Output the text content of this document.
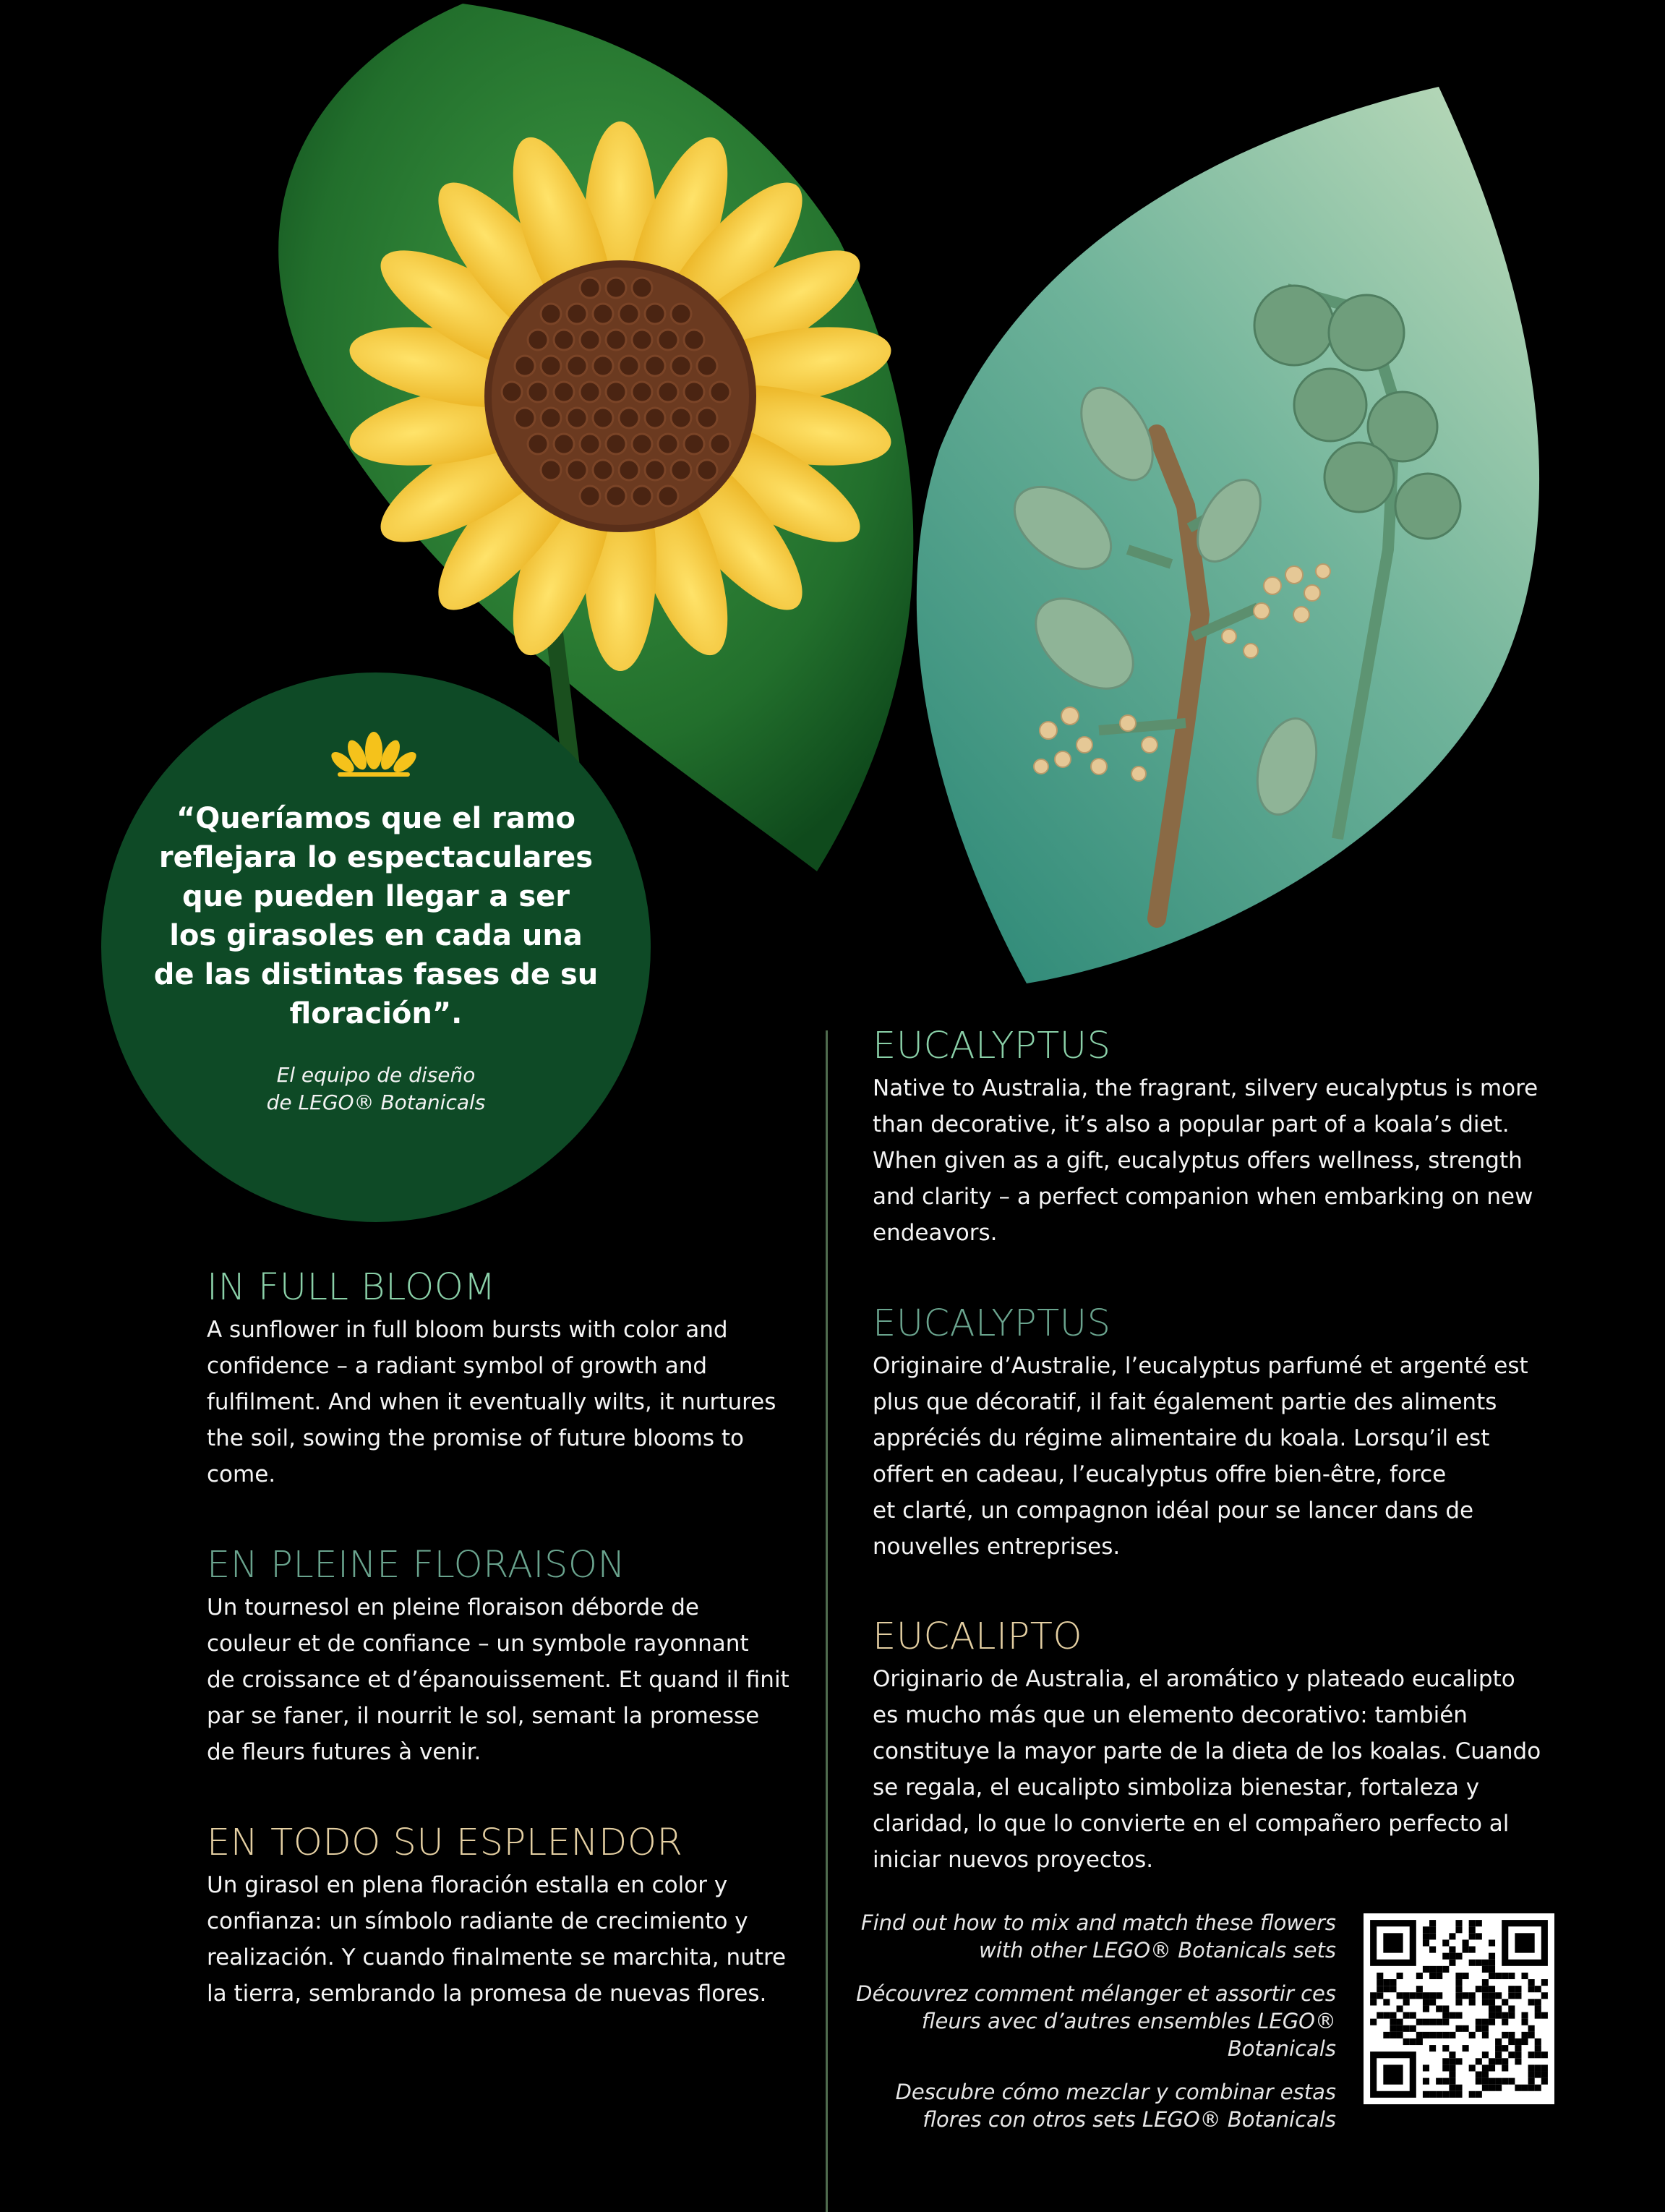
“Queríamos que el ramo
reflejara lo espectaculares
que pueden llegar a ser
los girasoles en cada una
de las distintas fases de su
floración”.
El equipo de diseño
de LEGO® Botanicals
IN FULL BLOOM
A sunflower in full bloom bursts with color and
confidence – a radiant symbol of growth and
fulfilment. And when it eventually wilts, it nurtures
the soil, sowing the promise of future blooms to
come.
EN PLEINE FLORAISON
Un tournesol en pleine floraison déborde de
couleur et de confiance – un symbole rayonnant
de croissance et d’épanouissement. Et quand il finit
par se faner, il nourrit le sol, semant la promesse
de fleurs futures à venir.
EN TODO SU ESPLENDOR
Un girasol en plena floración estalla en color y
confianza: un símbolo radiante de crecimiento y
realización. Y cuando finalmente se marchita, nutre
la tierra, sembrando la promesa de nuevas flores.
EUCALYPTUS
Native to Australia, the fragrant, silvery eucalyptus is more
than decorative, it’s also a popular part of a koala’s diet.
When given as a gift, eucalyptus offers wellness, strength
and clarity – a perfect companion when embarking on new
endeavors.
EUCALYPTUS
Originaire d’Australie, l’eucalyptus parfumé et argenté est
plus que décoratif, il fait également partie des aliments
appréciés du régime alimentaire du koala. Lorsqu’il est
offert en cadeau, l’eucalyptus offre bien-être, force
et clarté, un compagnon idéal pour se lancer dans de
nouvelles entreprises.
EUCALIPTO
Originario de Australia, el aromático y plateado eucalipto
es mucho más que un elemento decorativo: también
constituye la mayor parte de la dieta de los koalas. Cuando
se regala, el eucalipto simboliza bienestar, fortaleza y
claridad, lo que lo convierte en el compañero perfecto al
iniciar nuevos proyectos.

Find out how to mix and match these flowers
with other LEGO® Botanicals sets

Découvrez comment mélanger et assortir ces
fleurs avec d’autres ensembles LEGO® Botanicals

Descubre cómo mezclar y combinar estas
flores con otros sets LEGO® Botanicals
